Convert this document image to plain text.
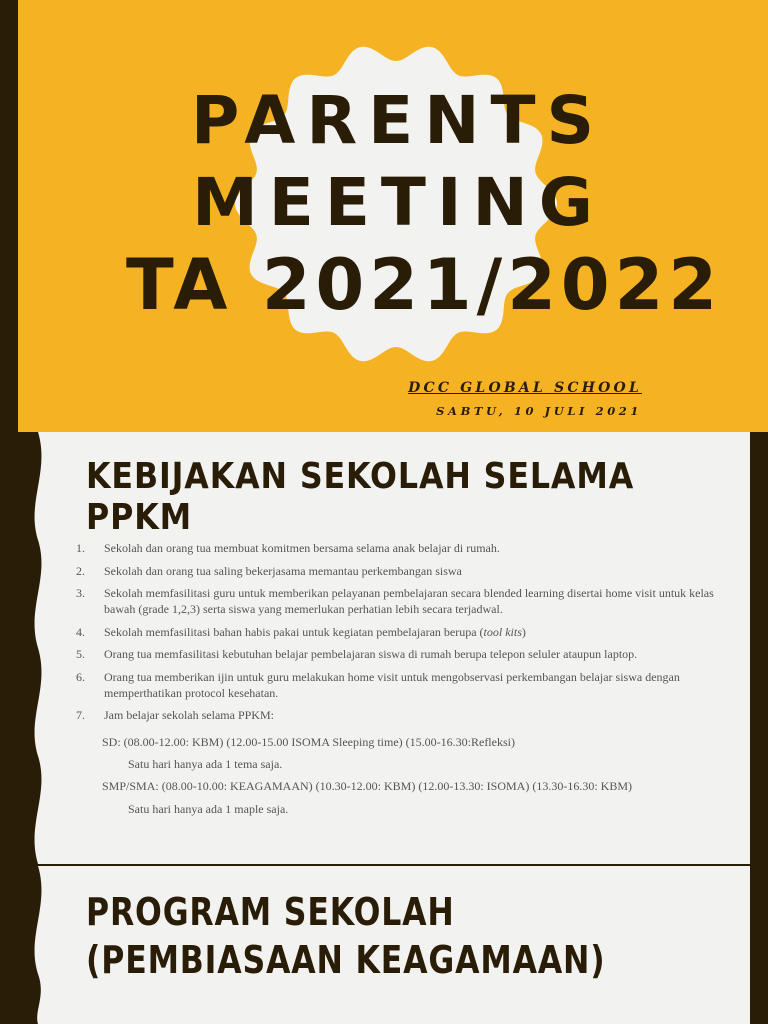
PARENTS
MEETING
TA 2021/2022
DCC GLOBAL SCHOOL
SABTU, 10 JULI 2021
KEBIJAKAN SEKOLAH SELAMA PPKM
1. Sekolah dan orang tua membuat komitmen bersama selama anak belajar di rumah.
2. Sekolah dan orang tua saling bekerjasama memantau perkembangan siswa
3. Sekolah memfasilitasi guru untuk memberikan pelayanan pembelajaran secara blended learning disertai home visit untuk kelas bawah (grade 1,2,3) serta siswa yang memerlukan perhatian lebih secara terjadwal.
4. Sekolah memfasilitasi bahan habis pakai untuk kegiatan pembelajaran berupa (tool kits)
5. Orang tua memfasilitasi kebutuhan belajar pembelajaran siswa di rumah berupa telepon seluler ataupun laptop.
6. Orang tua memberikan ijin untuk guru melakukan home visit untuk mengobservasi perkembangan belajar siswa dengan memperthatikan protocol kesehatan.
7. Jam belajar sekolah selama PPKM:
SD: (08.00-12.00: KBM) (12.00-15.00 ISOMA Sleeping time) (15.00-16.30:Refleksi)
Satu hari hanya ada 1 tema saja.
SMP/SMA: (08.00-10.00: KEAGAMAAN) (10.30-12.00: KBM) (12.00-13.30: ISOMA) (13.30-16.30: KBM)
Satu hari hanya ada 1 maple saja.
PROGRAM SEKOLAH
(PEMBIASAAN KEAGAMAAN)
